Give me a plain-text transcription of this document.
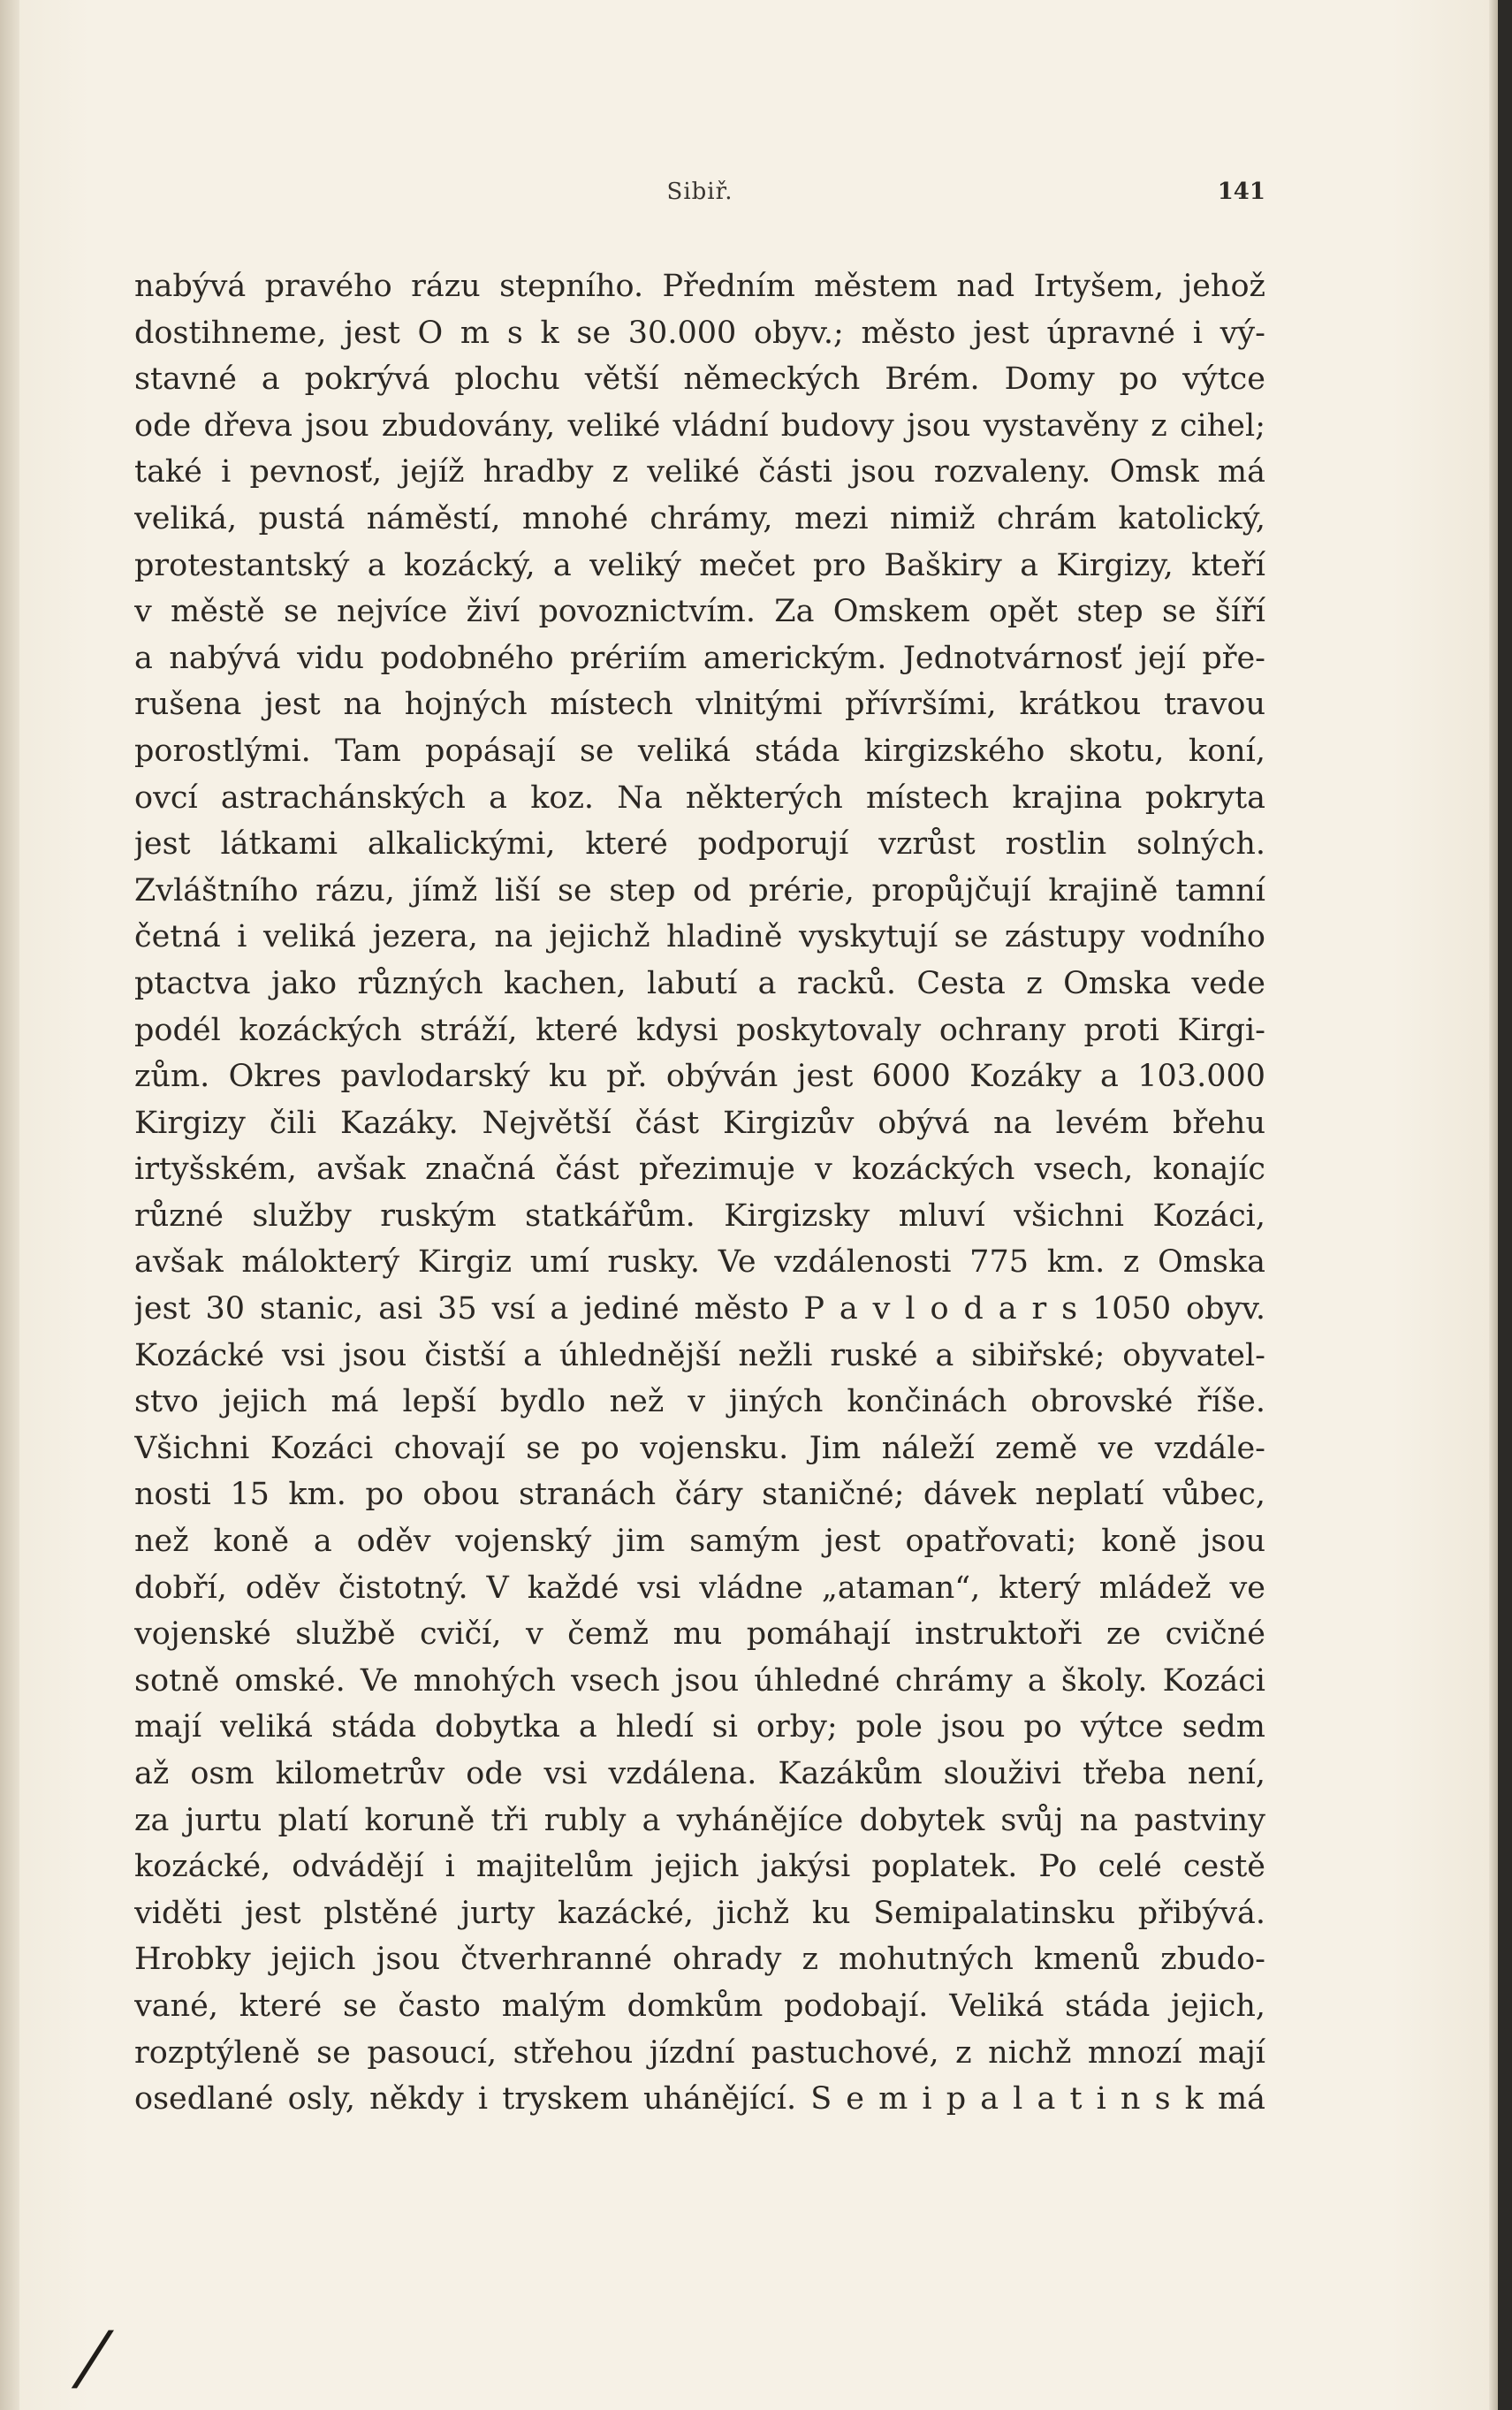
Sibiř.	141
nabývá pravého rázu stepního. Předním městem nad Irtyšem, jehož
dostihneme, jest O m s k se 30.000 obyv.; město jest úpravné i vý-
stavné a pokrývá plochu větší německých Brém. Domy po výtce
ode dřeva jsou zbudovány, veliké vládní budovy jsou vystavěny z cihel;
také i pevnosť, jejíž hradby z veliké části jsou rozvaleny. Omsk má
veliká, pustá náměstí, mnohé chrámy, mezi nimiž chrám katolický,
protestantský a kozácký, a veliký mečet pro Baškiry a Kirgizy, kteří
v městě se nejvíce živí povoznictvím. Za Omskem opět step se šíří
a nabývá vidu podobného prériím americkým. Jednotvárnosť její pře-
rušena jest na hojných místech vlnitými přívršími, krátkou travou
porostlými. Tam popásají se veliká stáda kirgizského skotu, koní,
ovcí astrachánských a koz. Na některých místech krajina pokryta
jest látkami alkalickými, které podporují vzrůst rostlin solných.
Zvláštního rázu, jímž liší se step od prérie, propůjčují krajině tamní
četná i veliká jezera, na jejichž hladině vyskytují se zástupy vodního
ptactva jako různých kachen, labutí a racků. Cesta z Omska vede
podél kozáckých stráží, které kdysi poskytovaly ochrany proti Kirgi-
zům. Okres pavlodarský ku př. obýván jest 6000 Kozáky a 103.000
Kirgizy čili Kazáky. Největší část Kirgizův obývá na levém břehu
irtyšském, avšak značná část přezimuje v kozáckých vsech, konajíc
různé služby ruským statkářům. Kirgizsky mluví všichni Kozáci,
avšak málokterý Kirgiz umí rusky. Ve vzdálenosti 775 km. z Omska
jest 30 stanic, asi 35 vsí a jediné město P a v l o d a r s 1050 obyv.
Kozácké vsi jsou čistší a úhlednější nežli ruské a sibiřské; obyvatel-
stvo jejich má lepší bydlo než v jiných končinách obrovské říše.
Všichni Kozáci chovají se po vojensku. Jim náleží země ve vzdále-
nosti 15 km. po obou stranách čáry staničné; dávek neplatí vůbec,
než koně a oděv vojenský jim samým jest opatřovati; koně jsou
dobří, oděv čistotný. V každé vsi vládne „ataman“, který mládež ve
vojenské službě cvičí, v čemž mu pomáhají instruktoři ze cvičné
sotně omské. Ve mnohých vsech jsou úhledné chrámy a školy. Kozáci
mají veliká stáda dobytka a hledí si orby; pole jsou po výtce sedm
až osm kilometrův ode vsi vzdálena. Kazákům slouživi třeba není,
za jurtu platí koruně tři rubly a vyhánějíce dobytek svůj na pastviny
kozácké, odvádějí i majitelům jejich jakýsi poplatek. Po celé cestě
viděti jest plstěné jurty kazácké, jichž ku Semipalatinsku přibývá.
Hrobky jejich jsou čtverhranné ohrady z mohutných kmenů zbudo-
vané, které se často malým domkům podobají. Veliká stáda jejich,
rozptýleně se pasoucí, střehou jízdní pastuchové, z nichž mnozí mají
osedlané osly, někdy i tryskem uhánějící. S e m i p a l a t i n s k má
/
